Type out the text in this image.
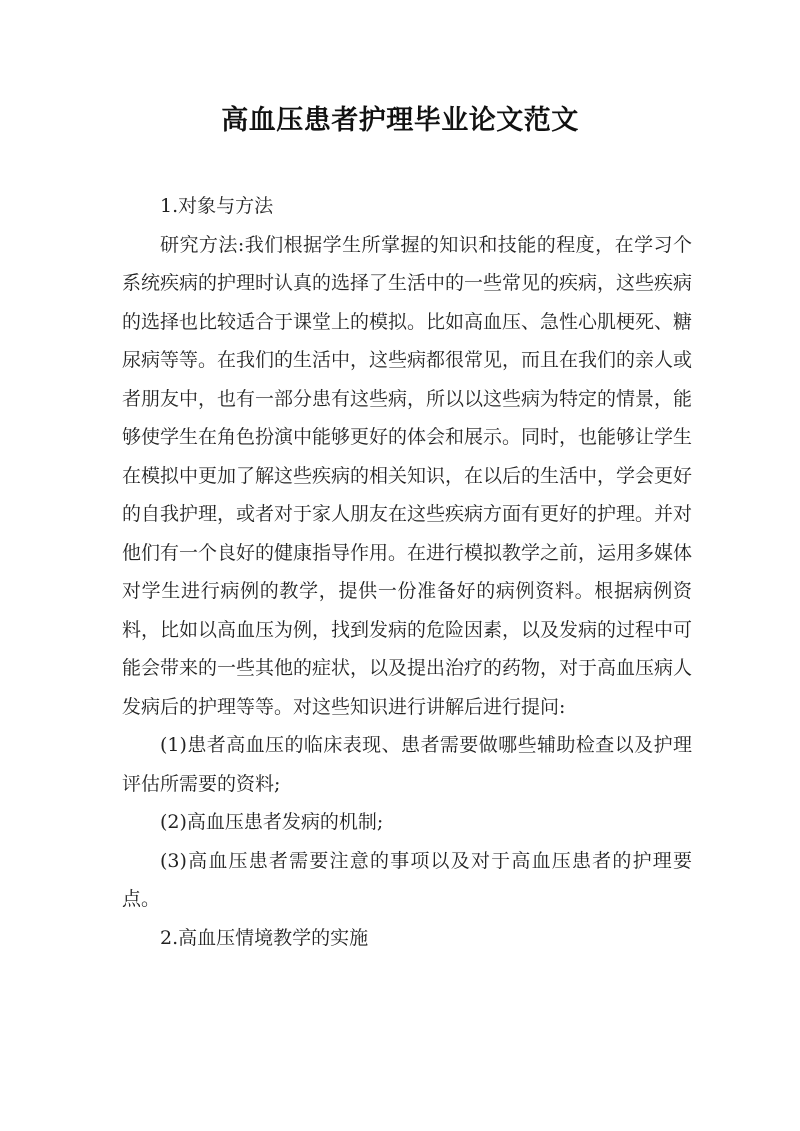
高血压患者护理毕业论文范文

1.对象与方法

研究方法:我们根据学生所掌握的知识和技能的程度，在学习个系统疾病的护理时认真的选择了生活中的一些常见的疾病，这些疾病的选择也比较适合于课堂上的模拟。比如高血压、急性心肌梗死、糖尿病等等。在我们的生活中，这些病都很常见，而且在我们的亲人或者朋友中，也有一部分患有这些病，所以以这些病为特定的情景，能够使学生在角色扮演中能够更好的体会和展示。同时，也能够让学生在模拟中更加了解这些疾病的相关知识，在以后的生活中，学会更好的自我护理，或者对于家人朋友在这些疾病方面有更好的护理。并对他们有一个良好的健康指导作用。在进行模拟教学之前，运用多媒体对学生进行病例的教学，提供一份准备好的病例资料。根据病例资料，比如以高血压为例，找到发病的危险因素，以及发病的过程中可能会带来的一些其他的症状，以及提出治疗的药物，对于高血压病人发病后的护理等等。对这些知识进行讲解后进行提问:

(1)患者高血压的临床表现、患者需要做哪些辅助检查以及护理评估所需要的资料;

(2)高血压患者发病的机制;

(3)高血压患者需要注意的事项以及对于高血压患者的护理要点。

2.高血压情境教学的实施
